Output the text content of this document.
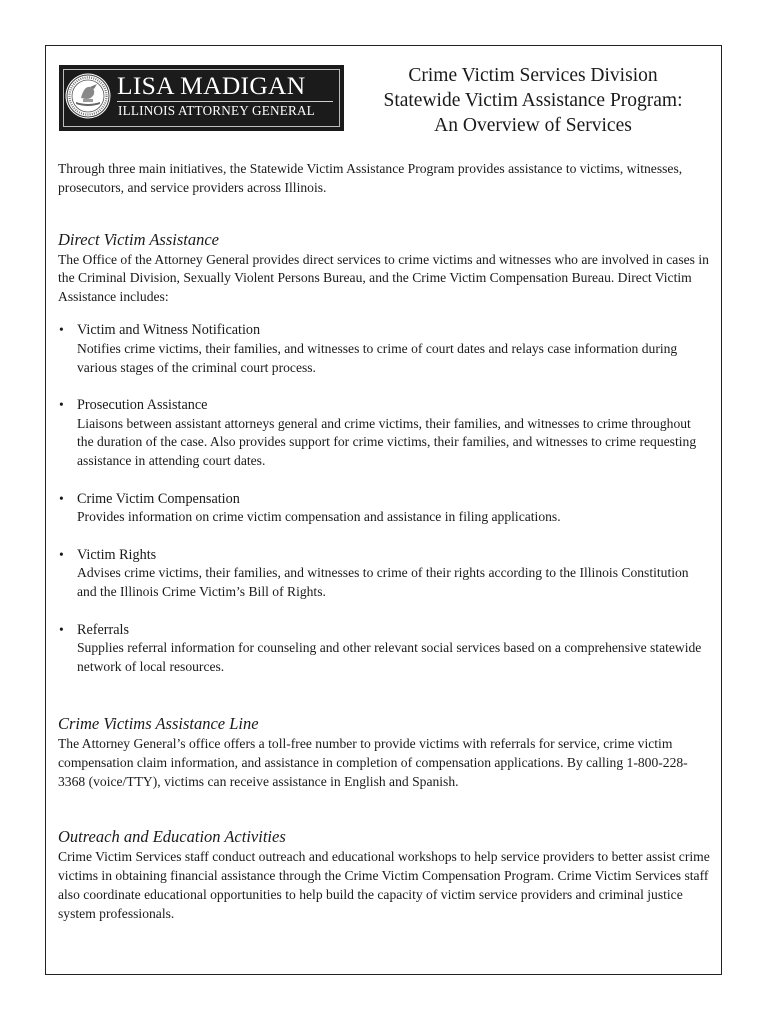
LISA MADIGAN
ILLINOIS ATTORNEY GENERAL
Crime Victim Services Division
Statewide Victim Assistance Program:
An Overview of Services

Through three main initiatives, the Statewide Victim Assistance Program provides assistance to victims, witnesses, prosecutors, and service providers across Illinois.

Direct Victim Assistance

The Office of the Attorney General provides direct services to crime victims and witnesses who are involved in cases in the Criminal Division, Sexually Violent Persons Bureau, and the Crime Victim Compensation Bureau. Direct Victim Assistance includes:

• Victim and Witness Notification
Notifies crime victims, their families, and witnesses to crime of court dates and relays case information during various stages of the criminal court process.
• Prosecution Assistance
Liaisons between assistant attorneys general and crime victims, their families, and witnesses to crime throughout the duration of the case. Also provides support for crime victims, their families, and witnesses to crime requesting assistance in attending court dates.
• Crime Victim Compensation
Provides information on crime victim compensation and assistance in filing applications.
• Victim Rights
Advises crime victims, their families, and witnesses to crime of their rights according to the Illinois Constitution and the Illinois Crime Victim’s Bill of Rights.
• Referrals
Supplies referral information for counseling and other relevant social services based on a comprehensive statewide network of local resources.
Crime Victims Assistance Line

The Attorney General’s office offers a toll-free number to provide victims with referrals for service, crime victim compensation claim information, and assistance in completion of compensation applications. By calling 1-800-228-3368 (voice/TTY), victims can receive assistance in English and Spanish.

Outreach and Education Activities

Crime Victim Services staff conduct outreach and educational workshops to help service providers to better assist crime victims in obtaining financial assistance through the Crime Victim Compensation Program. Crime Victim Services staff also coordinate educational opportunities to help build the capacity of victim service providers and criminal justice system professionals.
